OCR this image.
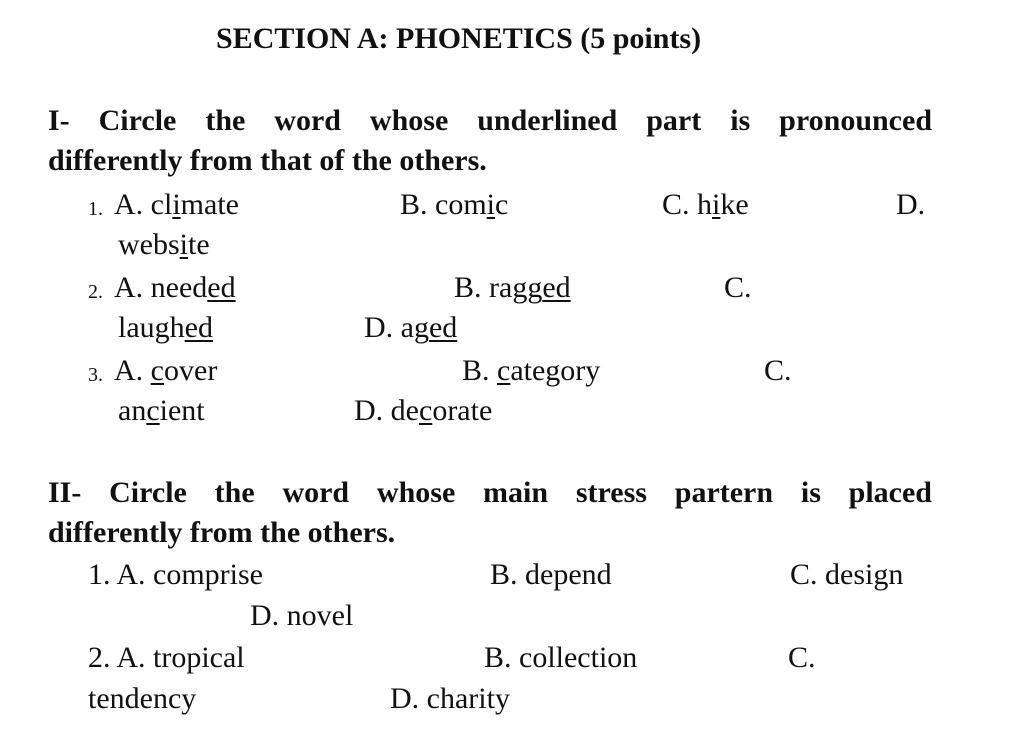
SECTION A: PHONETICS (5 points)
I- Circle the word whose underlined part is pronounced
differently from that of the others.
1. A. climate	B. comic	C. hike	D.
website
2. A. needed	B. ragged	C.
laughed	D. aged
3. A. cover	B. category	C.
ancient	D. decorate
II- Circle the word whose main stress partern is placed
differently from the others.
1. A. comprise	B. depend	C. design
D. novel
2. A. tropical	B. collection	C.
tendency	D. charity
